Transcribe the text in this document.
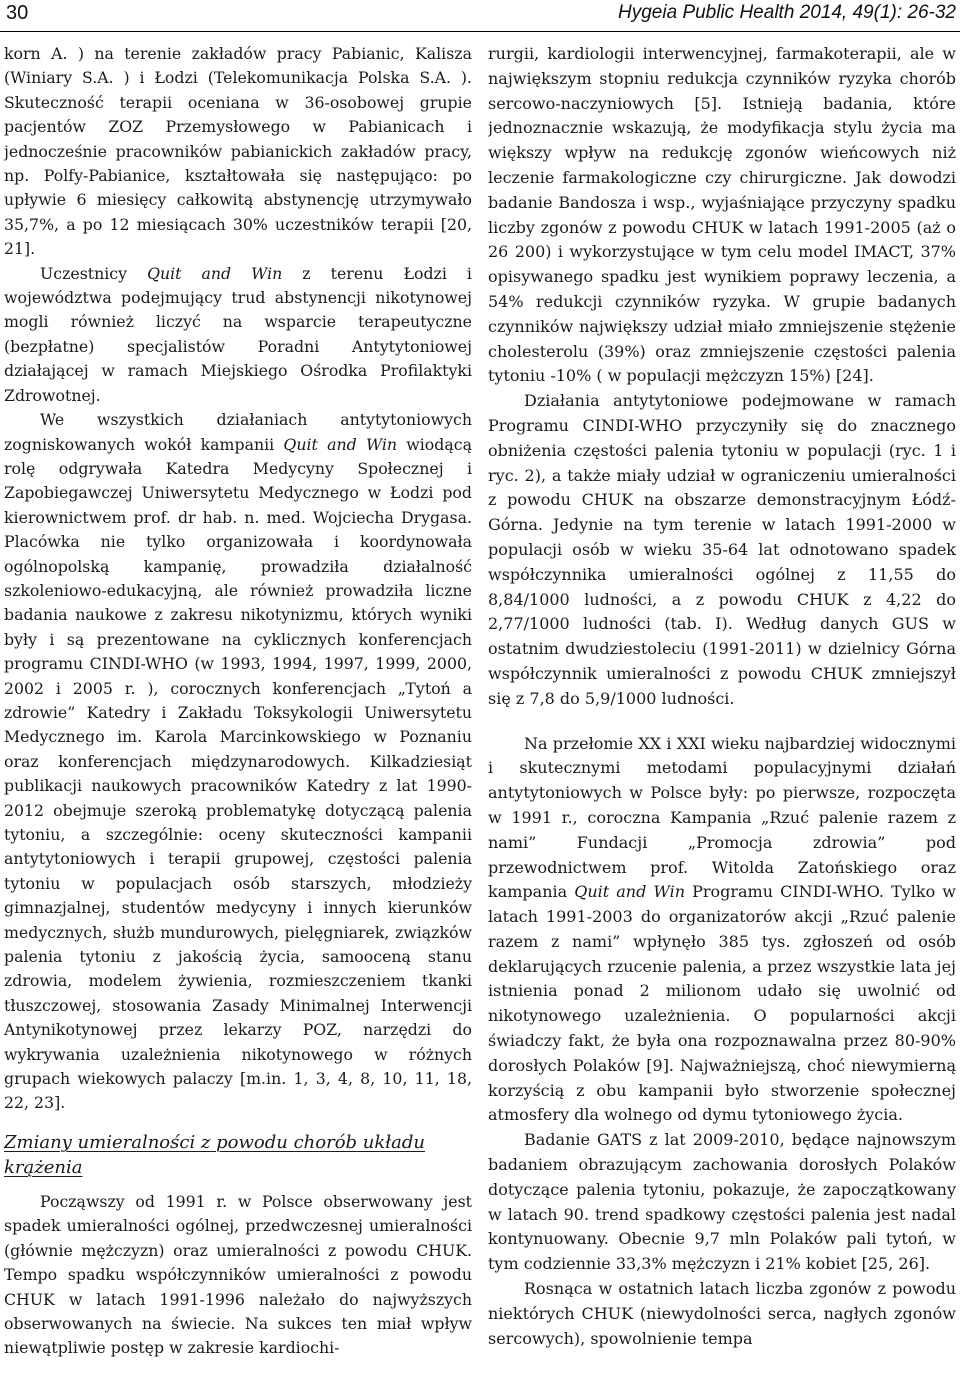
30	Hygeia Public Health 2014, 49(1): 26-32

korn A. ) na terenie zakładów pracy Pabianic, Kalisza (Winiary S.A. ) i Łodzi (Telekomunikacja Polska S.A. ). Skuteczność terapii oceniana w 36-osobowej grupie pacjentów ZOZ Przemysłowego w Pabianicach i jednocześnie pracowników pabianickich zakładów pracy, np. Polfy-Pabianice, kształtowała się następująco: po upływie 6 miesięcy całkowitą abstynencję utrzymywało 35,7%, a po 12 miesiącach 30% uczestników terapii [20, 21].

Uczestnicy Quit and Win z terenu Łodzi i województwa podejmujący trud abstynencji nikotynowej mogli również liczyć na wsparcie terapeutyczne (bezpłatne) specjalistów Poradni Antytytoniowej działającej w ramach Miejskiego Ośrodka Profilaktyki Zdrowotnej.

We wszystkich działaniach antytytoniowych zogniskowanych wokół kampanii Quit and Win wiodącą rolę odgrywała Katedra Medycyny Społecznej i Zapobiegawczej Uniwersytetu Medycznego w Łodzi pod kierownictwem prof. dr hab. n. med. Wojciecha Drygasa. Placówka nie tylko organizowała i koordynowała ogólnopolską kampanię, prowadziła działalność szkoleniowo-edukacyjną, ale również prowadziła liczne badania naukowe z zakresu nikotynizmu, których wyniki były i są prezentowane na cyklicznych konferencjach programu CINDI-WHO (w 1993, 1994, 1997, 1999, 2000, 2002 i 2005 r. ), corocznych konferencjach „Tytoń a zdrowie” Katedry i Zakładu Toksykologii Uniwersytetu Medycznego im. Karola Marcinkowskiego w Poznaniu oraz konferencjach międzynarodowych. Kilkadziesiąt publikacji naukowych pracowników Katedry z lat 1990-2012 obejmuje szeroką problematykę dotyczącą palenia tytoniu, a szczególnie: oceny skuteczności kampanii antytytoniowych i terapii grupowej, częstości palenia tytoniu w populacjach osób starszych, młodzieży gimnazjalnej, studentów medycyny i innych kierunków medycznych, służb mundurowych, pielęgniarek, związków palenia tytoniu z jakością życia, samooceną stanu zdrowia, modelem żywienia, rozmieszczeniem tkanki tłuszczowej, stosowania Zasady Minimalnej Interwencji Antynikotynowej przez lekarzy POZ, narzędzi do wykrywania uzależnienia nikotynowego w różnych grupach wiekowych palaczy [m.in. 1, 3, 4, 8, 10, 11, 18, 22, 23].

Zmiany umieralności z powodu chorób układu krążenia

Począwszy od 1991 r. w Polsce obserwowany jest spadek umieralności ogólnej, przedwczesnej umieralności (głównie mężczyzn) oraz umieralności z powodu CHUK. Tempo spadku współczynników umieralności z powodu CHUK w latach 1991-1996 należało do najwyższych obserwowanych na świecie. Na sukces ten miał wpływ niewątpliwie postęp w zakresie kardiochi-

rurgii, kardiologii interwencyjnej, farmakoterapii, ale w największym stopniu redukcja czynników ryzyka chorób sercowo-naczyniowych [5]. Istnieją badania, które jednoznacznie wskazują, że modyfikacja stylu życia ma większy wpływ na redukcję zgonów wieńcowych niż leczenie farmakologiczne czy chirurgiczne. Jak dowodzi badanie Bandosza i wsp., wyjaśniające przyczyny spadku liczby zgonów z powodu CHUK w latach 1991-2005 (aż o 26 200) i wykorzystujące w tym celu model IMACT, 37% opisywanego spadku jest wynikiem poprawy leczenia, a 54% redukcji czynników ryzyka. W grupie badanych czynników największy udział miało zmniejszenie stężenie cholesterolu (39%) oraz zmniejszenie częstości palenia tytoniu -10% ( w populacji mężczyzn 15%) [24].

Działania antytytoniowe podejmowane w ramach Programu CINDI-WHO przyczyniły się do znacznego obniżenia częstości palenia tytoniu w populacji (ryc. 1 i ryc. 2), a także miały udział w ograniczeniu umieralności z powodu CHUK na obszarze demonstracyjnym Łódź-Górna. Jedynie na tym terenie w latach 1991-2000 w populacji osób w wieku 35-64 lat odnotowano spadek współczynnika umieralności ogólnej z 11,55 do 8,84/1000 ludności, a z powodu CHUK z 4,22 do 2,77/1000 ludności (tab. I). Według danych GUS w ostatnim dwudziestoleciu (1991-2011) w dzielnicy Górna współczynnik umieralności z powodu CHUK zmniejszył się z 7,8 do 5,9/1000 ludności.

Na przełomie XX i XXI wieku najbardziej widocznymi i skutecznymi metodami populacyjnymi działań antytytoniowych w Polsce były: po pierwsze, rozpoczęta w 1991 r., coroczna Kampania „Rzuć palenie razem z nami” Fundacji „Promocja zdrowia” pod przewodnictwem prof. Witolda Zatońskiego oraz kampania Quit and Win Programu CINDI-WHO. Tylko w latach 1991-2003 do organizatorów akcji „Rzuć palenie razem z nami” wpłynęło 385 tys. zgłoszeń od osób deklarujących rzucenie palenia, a przez wszystkie lata jej istnienia ponad 2 milionom udało się uwolnić od nikotynowego uzależnienia. O popularności akcji świadczy fakt, że była ona rozpoznawalna przez 80-90% dorosłych Polaków [9]. Najważniejszą, choć niewymierną korzyścią z obu kampanii było stworzenie społecznej atmosfery dla wolnego od dymu tytoniowego życia.

Badanie GATS z lat 2009-2010, będące najnowszym badaniem obrazującym zachowania dorosłych Polaków dotyczące palenia tytoniu, pokazuje, że zapoczątkowany w latach 90. trend spadkowy częstości palenia jest nadal kontynuowany. Obecnie 9,7 mln Polaków pali tytoń, w tym codziennie 33,3% mężczyzn i 21% kobiet [25, 26].

Rosnąca w ostatnich latach liczba zgonów z powodu niektórych CHUK (niewydolności serca, nagłych zgonów sercowych), spowolnienie tempa
